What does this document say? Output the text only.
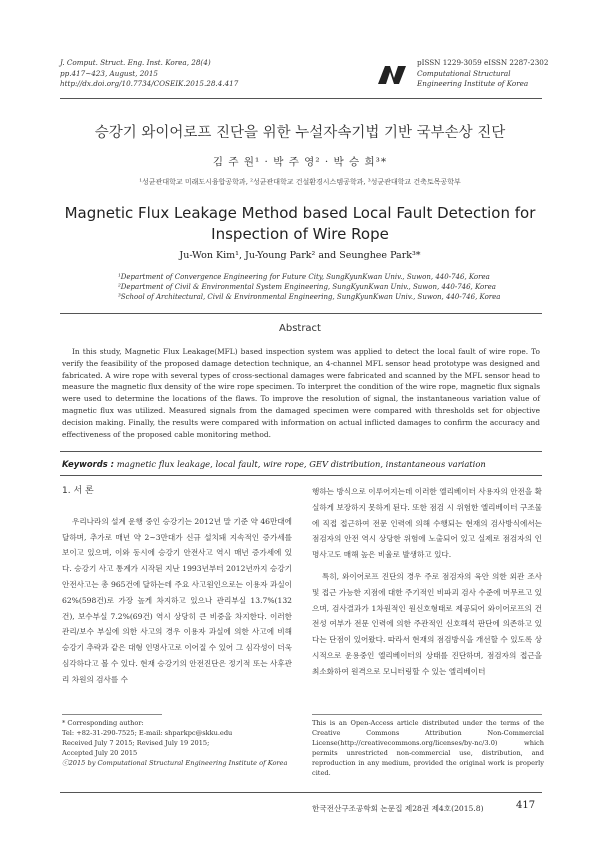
J. Comput. Struct. Eng. Inst. Korea, 28(4)
pp.417~423, August, 2015
http://dx.doi.org/10.7734/COSEIK.2015.28.4.417
pISSN 1229-3059 eISSN 2287-2302
Computational Structural
Engineering Institute of Korea
승강기 와이어로프 진단을 위한 누설자속기법 기반 국부손상 진단
김 주 원¹ · 박 주 영² · 박 승 희³*
¹성균관대학교 미래도시융합공학과, ²성균관대학교 건설환경시스템공학과, ³성균관대학교 건축토목공학부
Magnetic Flux Leakage Method based Local Fault Detection for
Inspection of Wire Rope
Ju-Won Kim¹, Ju-Young Park² and Seunghee Park³*
¹Department of Convergence Engineering for Future City, SungKyunKwan Univ., Suwon, 440-746, Korea
²Department of Civil & Environmental System Engineering, SungKyunKwan Univ., Suwon, 440-746, Korea
³School of Architectural, Civil & Environmental Engineering, SungKyunKwan Univ., Suwon, 440-746, Korea
Abstract
In this study, Magnetic Flux Leakage(MFL) based inspection system was applied to detect the local fault of wire rope. To verify the feasibility of the proposed damage detection technique, an 4-channel MFL sensor head prototype was designed and fabricated. A wire rope with several types of cross-sectional damages were fabricated and scanned by the MFL sensor head to measure the magnetic flux density of the wire rope specimen. To interpret the condition of the wire rope, magnetic flux signals were used to determine the locations of the flaws. To improve the resolution of signal, the instantaneous variation value of magnetic flux was utilized. Measured signals from the damaged specimen were compared with thresholds set for objective decision making. Finally, the results were compared with information on actual inflicted damages to confirm the accuracy and effectiveness of the proposed cable monitoring method.
Keywords : magnetic flux leakage, local fault, wire rope, GEV distribution, instantaneous variation
1. 서 론

우리나라의 설계 운행 중인 승강기는 2012년 말 기준 약 46만대에 달하며, 추가로 매년 약 2~3만대가 신규 설치돼 지속적인 증가세를 보이고 있으며, 이와 동시에 승강기 안전사고 역시 매년 증가세에 있다. 승강기 사고 통계가 시작된 지난 1993년부터 2012년까지 승강기 안전사고는 총 965건에 달하는데 주요 사고원인으로는 이용자 과실이 62%(598건)로 가장 높게 차지하고 있으나 관리부실 13.7%(132건), 보수부실 7.2%(69건) 역시 상당히 큰 비중을 차지한다. 이러한 관리/보수 부실에 의한 사고의 경우 이용자 과실에 의한 사고에 비해 승강기 추락과 같은 대형 인명사고로 이어질 수 있어 그 심각성이 더욱 심각하다고 볼 수 있다. 현재 승강기의 안전진단은 정기적 또는 사후관리 차원의 검사를 수

행하는 방식으로 이루어지는데 이러한 엘리베이터 사용자의 안전을 확실하게 보장하지 못하게 된다. 또한 점검 시 위험한 엘리베이터 구조물에 직접 접근하여 전문 인력에 의해 수행되는 현재의 검사방식에서는 점검자의 안전 역시 상당한 위험에 노출되어 있고 실제로 점검자의 인명사고도 매해 높은 비율로 발생하고 있다.

특히, 와이어로프 진단의 경우 주로 점검자의 육안 의한 외관 조사 및 접근 가능한 지점에 대한 주기적인 비파괴 검사 수준에 머무르고 있으며, 검사결과가 1차원적인 원신호형태로 제공되어 와이어로프의 건전성 여부가 전문 인력에 의한 주관적인 신호해석 판단에 의존하고 있다는 단점이 있어왔다. 따라서 현재의 점검방식을 개선할 수 있도록 상시적으로 운용중인 엘리베이터의 상태를 진단하며, 점검자의 접근을 최소화하여 원격으로 모니터링할 수 있는 엘리베이터

* Corresponding author:
Tel: +82-31-290-7525; E-mail: shparkpc@skku.edu
Received July 7 2015; Revised July 19 2015;
Accepted July 20 2015
ⓒ2015 by Computational Structural Engineering Institute of Korea
This is an Open-Access article distributed under the terms of the Creative Commons Attribution Non-Commercial License(http://creativecommons.org/licenses/by-nc/3.0) which permits unrestricted non-commercial use, distribution, and reproduction in any medium, provided the original work is properly cited.
한국전산구조공학회 논문집 제28권 제4호(2015.8)	417
